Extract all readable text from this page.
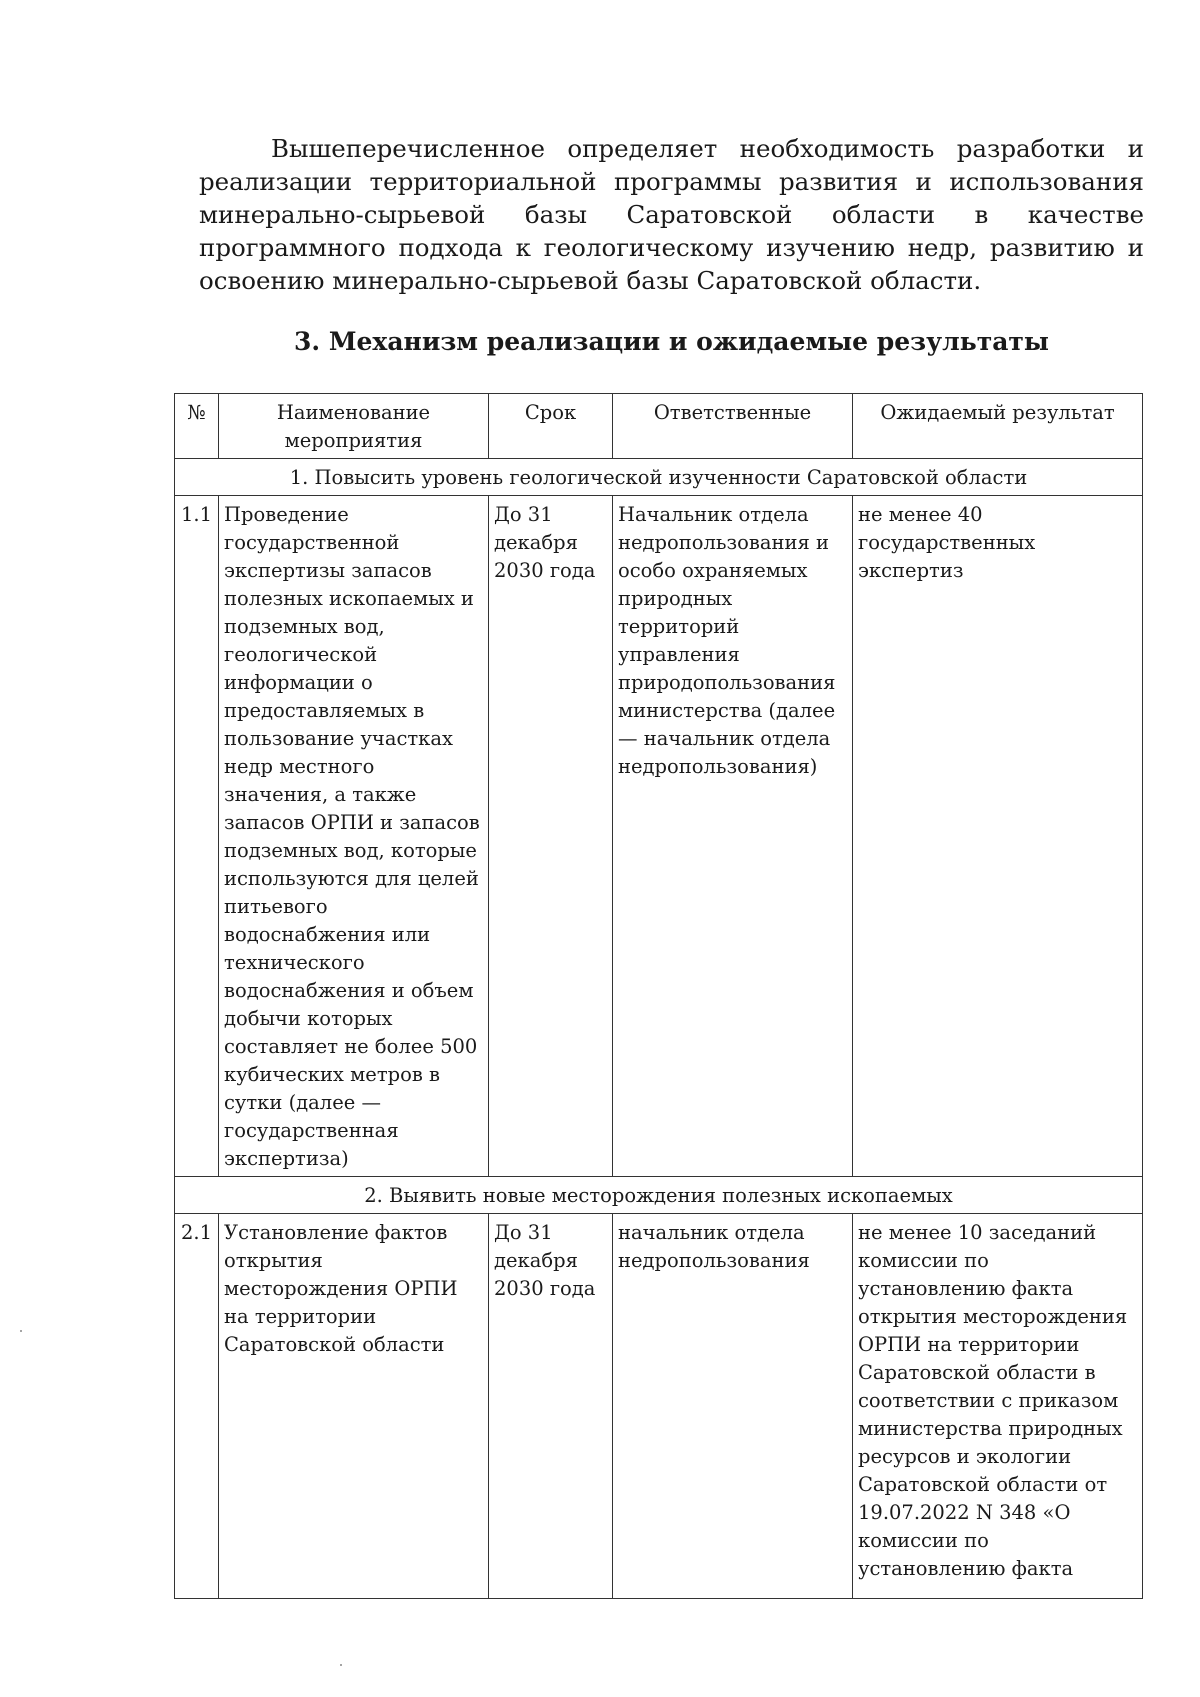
Вышеперечисленное определяет необходимость разработки и реализации территориальной программы развития и использования минерально-сырьевой базы Саратовской области в качестве программного подхода к геологическому изучению недр, развитию и освоению минерально-сырьевой базы Саратовской области.

3. Механизм реализации и ожидаемые результаты
№	Наименование мероприятия	Срок	Ответственные	Ожидаемый результат
1. Повысить уровень геологической изученности Саратовской области				
1.1	Проведение государственной экспертизы запасов полезных ископаемых и подземных вод, геологической информации о предоставляемых в пользование участках недр местного значения, а также запасов ОРПИ и запасов подземных вод, которые используются для целей питьевого водоснабжения или технического водоснабжения и объем добычи которых составляет не более 500 кубических метров в сутки (далее — государственная экспертиза)	До 31 декабря 2030 года	Начальник отдела недропользования и особо охраняемых природных территорий управления природопользования министерства (далее — начальник отдела недропользования)	не менее 40 государственных экспертиз
2. Выявить новые месторождения полезных ископаемых				
2.1	Установление фактов открытия месторождения ОРПИ на территории Саратовской области	До 31 декабря 2030 года	начальник отдела недропользования	не менее 10 заседаний комиссии по установлению факта открытия месторождения ОРПИ на территории Саратовской области в соответствии с приказом министерства природных ресурсов и экологии Саратовской области от 19.07.2022 N 348 «О комиссии по установлению факта
